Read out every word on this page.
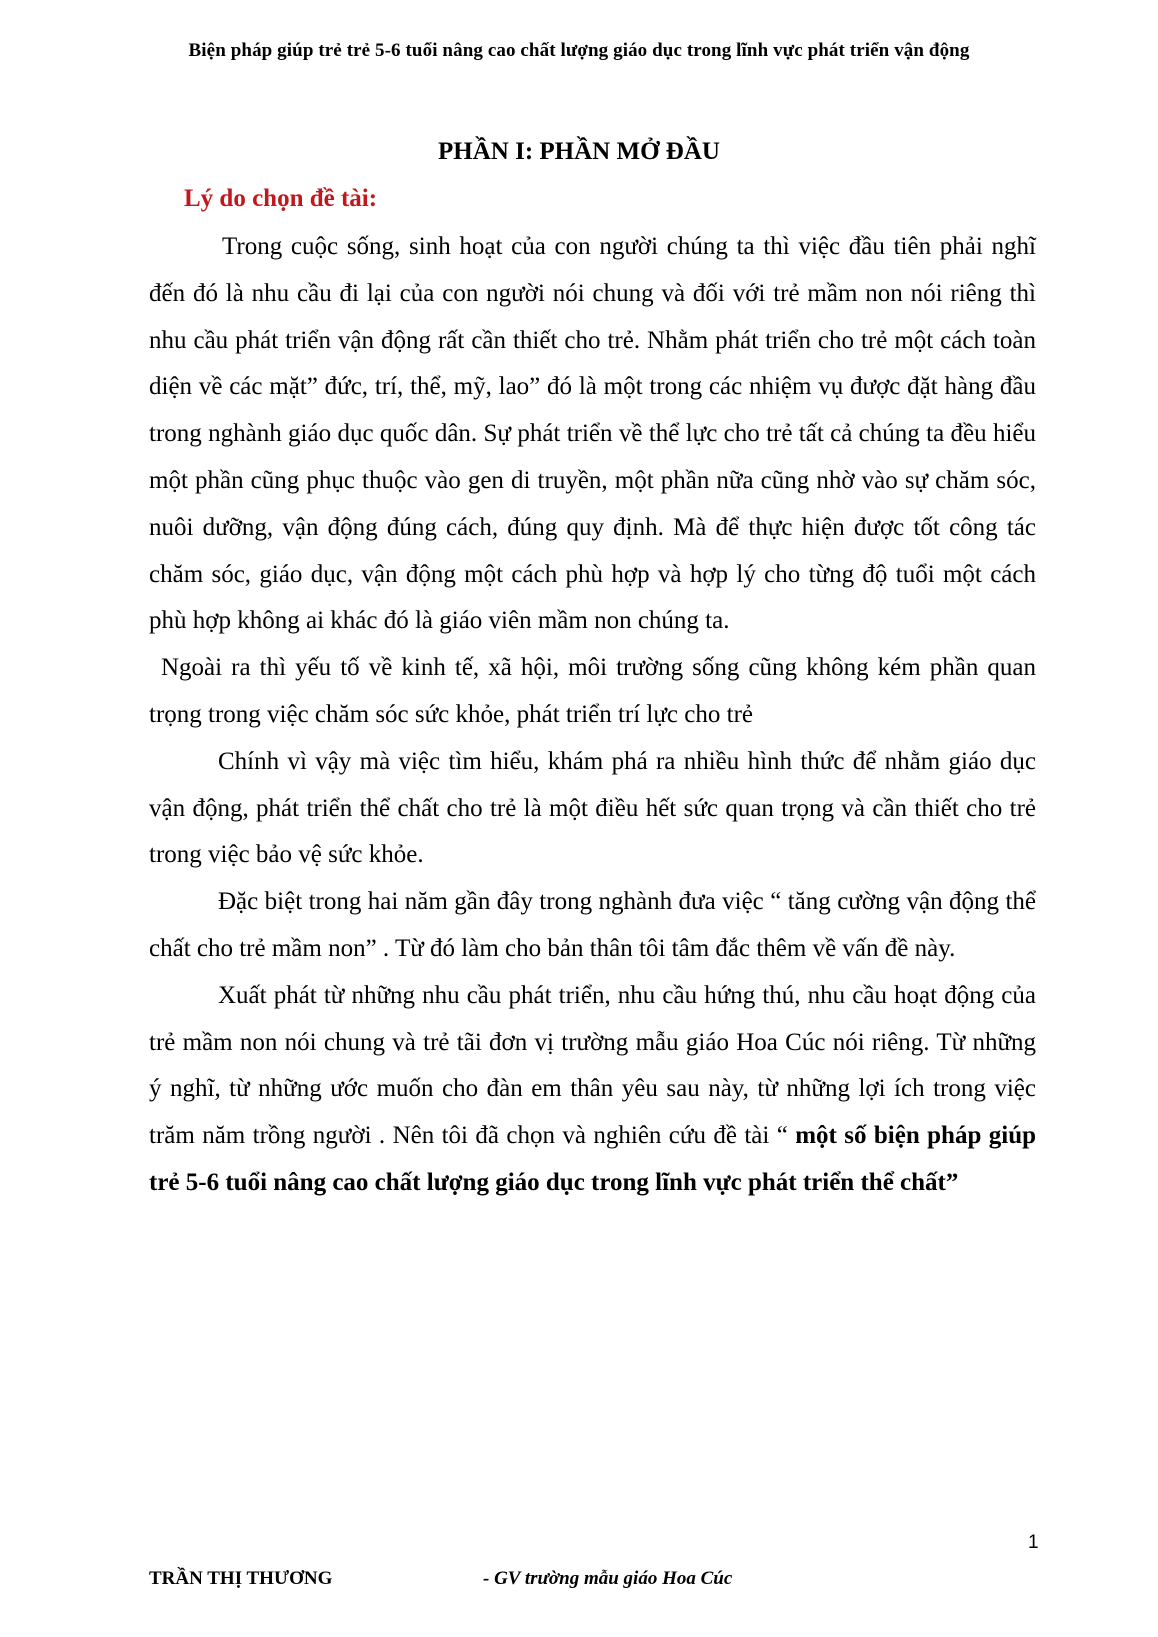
Biện pháp giúp trẻ trẻ 5-6 tuổi nâng cao chất lượng giáo dục trong lĩnh vực phát triển vận động
PHẦN I: PHẦN MỞ ĐẦU
Lý do chọn đề tài:

Trong cuộc sống, sinh hoạt của con người chúng ta thì việc đầu tiên phải nghĩ đến đó là nhu cầu đi lại của con người nói chung và đối với trẻ mầm non nói riêng thì nhu cầu phát triển vận động rất cần thiết cho trẻ. Nhằm phát triển cho trẻ một cách toàn diện về các mặt” đức, trí, thể, mỹ, lao” đó là một trong các nhiệm vụ được đặt hàng đầu trong nghành giáo dục quốc dân. Sự phát triển về thể lực cho trẻ tất cả chúng ta đều hiểu một phần cũng phục thuộc vào gen di truyền, một phần nữa cũng nhờ vào sự chăm sóc, nuôi dưỡng, vận động đúng cách, đúng quy định. Mà để thực hiện được tốt công tác chăm sóc, giáo dục, vận động một cách phù hợp và hợp lý cho từng độ tuổi một cách phù hợp không ai khác đó là giáo viên mầm non chúng ta.

Ngoài ra thì yếu tố về kinh tế, xã hội, môi trường sống cũng không kém phần quan trọng trong việc chăm sóc sức khỏe, phát triển trí lực cho trẻ

Chính vì vậy mà việc tìm hiểu, khám phá ra nhiều hình thức để nhằm giáo dục vận động, phát triển thể chất cho trẻ là một điều hết sức quan trọng và cần thiết cho trẻ trong việc bảo vệ sức khỏe.

Đặc biệt trong hai năm gần đây trong nghành đưa việc “ tăng cường vận động thể chất cho trẻ mầm non” . Từ đó làm cho bản thân tôi tâm đắc thêm về vấn đề này.

Xuất phát từ những nhu cầu phát triển, nhu cầu hứng thú, nhu cầu hoạt động của trẻ mầm non nói chung và trẻ tãi đơn vị trường mẫu giáo Hoa Cúc nói riêng. Từ những ý nghĩ, từ những ước muốn cho đàn em thân yêu sau này, từ những lợi ích trong việc trăm năm trồng người . Nên tôi đã chọn và nghiên cứu đề tài “ một số biện pháp giúp trẻ 5-6 tuổi nâng cao chất lượng giáo dục trong lĩnh vực phát triển thể chất”

1
TRẦN THỊ THƯƠNG	- GV trường mẫu giáo Hoa Cúc
